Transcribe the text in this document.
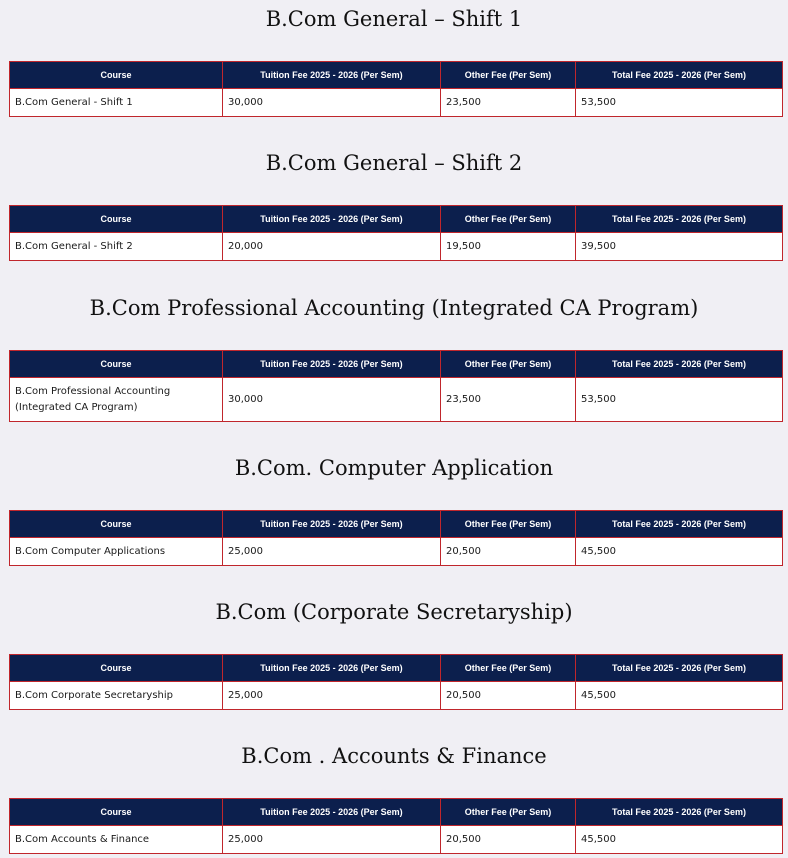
B.Com General – Shift 1
Course	Tuition Fee 2025 - 2026 (Per Sem)	Other Fee (Per Sem)	Total Fee 2025 - 2026 (Per Sem)
B.Com General - Shift 1	30,000	23,500	53,500
B.Com General – Shift 2
Course	Tuition Fee 2025 - 2026 (Per Sem)	Other Fee (Per Sem)	Total Fee 2025 - 2026 (Per Sem)
B.Com General - Shift 2	20,000	19,500	39,500
B.Com Professional Accounting (Integrated CA Program)
Course	Tuition Fee 2025 - 2026 (Per Sem)	Other Fee (Per Sem)	Total Fee 2025 - 2026 (Per Sem)
B.Com Professional Accounting (Integrated CA Program)	30,000	23,500	53,500
B.Com. Computer Application
Course	Tuition Fee 2025 - 2026 (Per Sem)	Other Fee (Per Sem)	Total Fee 2025 - 2026 (Per Sem)
B.Com Computer Applications	25,000	20,500	45,500
B.Com (Corporate Secretaryship)
Course	Tuition Fee 2025 - 2026 (Per Sem)	Other Fee (Per Sem)	Total Fee 2025 - 2026 (Per Sem)
B.Com Corporate Secretaryship	25,000	20,500	45,500
B.Com . Accounts & Finance
Course	Tuition Fee 2025 - 2026 (Per Sem)	Other Fee (Per Sem)	Total Fee 2025 - 2026 (Per Sem)
B.Com Accounts & Finance	25,000	20,500	45,500
